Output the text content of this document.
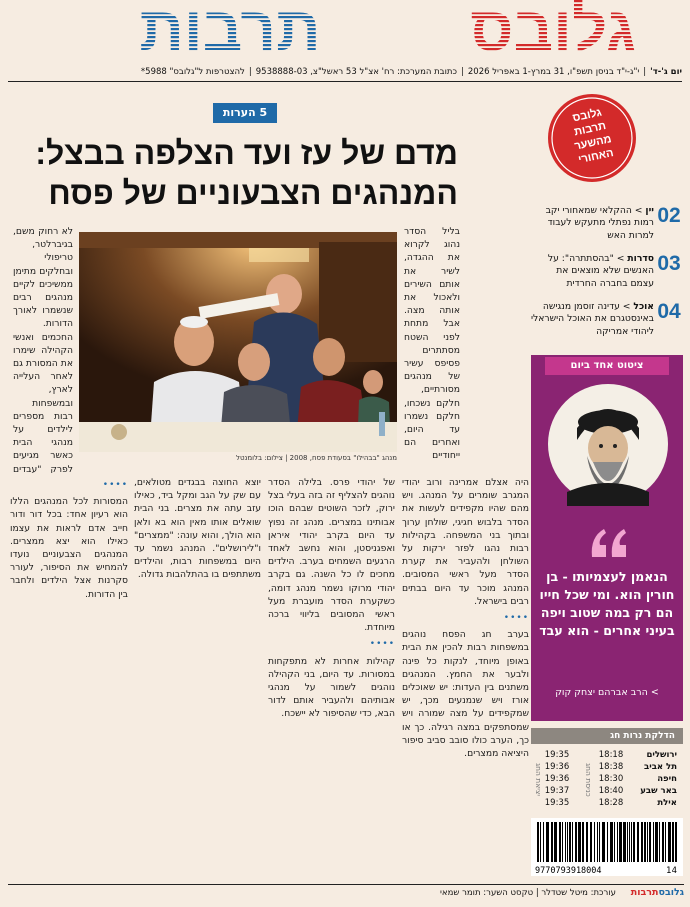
גלובס
תרבות
יום ג'-ד'|י"ג-י"ד בניסן תשפ"ו, 31 במרץ-1 באפריל 2026|כתובת המערכת: רח' אצ"ל 53 ראשל"צ, 9538888-03|להצטרפות ל"גלובס" 5988*
5 הערות
מדם של עז ועד הצלפה בבצל:
המנהגים הצבעוניים של פסח
מנהג "בבהילו" בסעודת פסח, 2008 | צילום: בלומנטל

בליל הסדר נהוג לקרוא את ההגדה, לשיר את אותם השירים ולאכול את אותה מצה. אבל מתחת לפני השטח מסתתרים פסיפס עשיר של מנהגים מסורתיים, חלקם נשכחו, חלקם נשמרו עד היום, ואחרים הם ייחודיים

לא רחוק משם, בגיברלטר, טריפולי ובחלקים מתימן ממשיכים לקיים מנהגים רבים שנשמרו לאורך הדורות. החכמים ואנשי הקהילה שימרו את המסורת גם לאחר העלייה לארץ, ובמשפחות רבות מספרים לילדים על מנהגי הבית כאשר מגיעים לפרק "עבדים

היה אצלם אמרינה ורוב יהודי המגרב שומרים על המנהג. ויש מהם שהיו מקפידים לעשות את הסדר בלבוש חגיגי, שולחן ערוך ובתוך בני המשפחה. בקהילות רבות נהגו לפזר ירקות על השולחן ולהעביר את קערת הסדר מעל ראשי המסובים. המנהג מוכר עד היום בבתים רבים בישראל.

••••

בערב חג הפסח נוהגים במשפחות רבות להכין את הבית באופן מיוחד, לנקות כל פינה ולבער את החמץ. המנהגים משתנים בין העדות: יש שאוכלים אורז ויש שנמנעים מכך, יש שמקפידים על מצה שמורה ויש שמסתפקים במצה רגילה. כך או כך, הערב כולו סובב סביב סיפור היציאה ממצרים.

של יהודי פרס. בלילה הסדר נוהגים להצליף זה בזה בעלי בצל ירוק, לזכר השוטים שבהם הוכו אבותינו במצרים. מנהג זה נפוץ עד היום בקרב יהודי איראן ואפגניסטן, והוא נחשב לאחד הרגעים השמחים בערב. הילדים מחכים לו כל השנה. גם בקרב יהודי מרוקו נשמר מנהג דומה, כשקערת הסדר מועברת מעל ראשי המסובים בליווי ברכה מיוחדת.

••••

קהילות אחרות לא מתפקחות במסורות. עד היום, בני הקהילה נוהגים לשמור על מנהגי אבותיהם ולהעביר אותם לדור הבא, כדי שהסיפור לא יישכח.

יוצא החוצה בבגדים מטולאים, עם שק על הגב ומקל ביד, כאילו עזב עתה את מצרים. בני הבית שואלים אותו מאין הוא בא ולאן הוא הולך, והוא עונה: "ממצרים" ו"לירושלים". המנהג נשמר עד היום במשפחות רבות, והילדים משתתפים בו בהתלהבות גדולה.

••••

המסורות לכל המנהגים הללו הוא רעיון אחד: בכל דור ודור חייב אדם לראות את עצמו כאילו הוא יצא ממצרים. המנהגים הצבעוניים נועדו להמחיש את הסיפור, לעורר סקרנות אצל הילדים ולחבר בין הדורות.

גלובס
תרבות
מהשער
האחורי
02
יין > ההקלאי שמאחורי יקב רמות נפתלי מתעקש לעבוד למרות האש
03
סדרות > "בהסתתרה": על האנשים שלא מוצאים את עצמם בחברה החרדית
04
אוכל > עדינה זוסמן מנגישה באינסטגרם את האוכל הישראלי ליהודי אמריקה
ציטוט אחד ביום
הנאמן לעצמיותו - בן חורין הוא. ומי שכל חייו הם רק במה שטוב ויפה בעיני אחרים - הוא עבד
> הרב אברהם יצחק קוק
הדלקת נרות חג
ירושלים
18:18
19:35
תל אביב
18:38
19:36
חיפה
18:30
19:36
באר שבע
18:40
19:37
אילת
18:28
19:35
כניסת החג
יציאת החג
9770793918004	14
גלובסתרבות
עורכת: מיטל שטדלר | טקסט השער: תומר שמאי
